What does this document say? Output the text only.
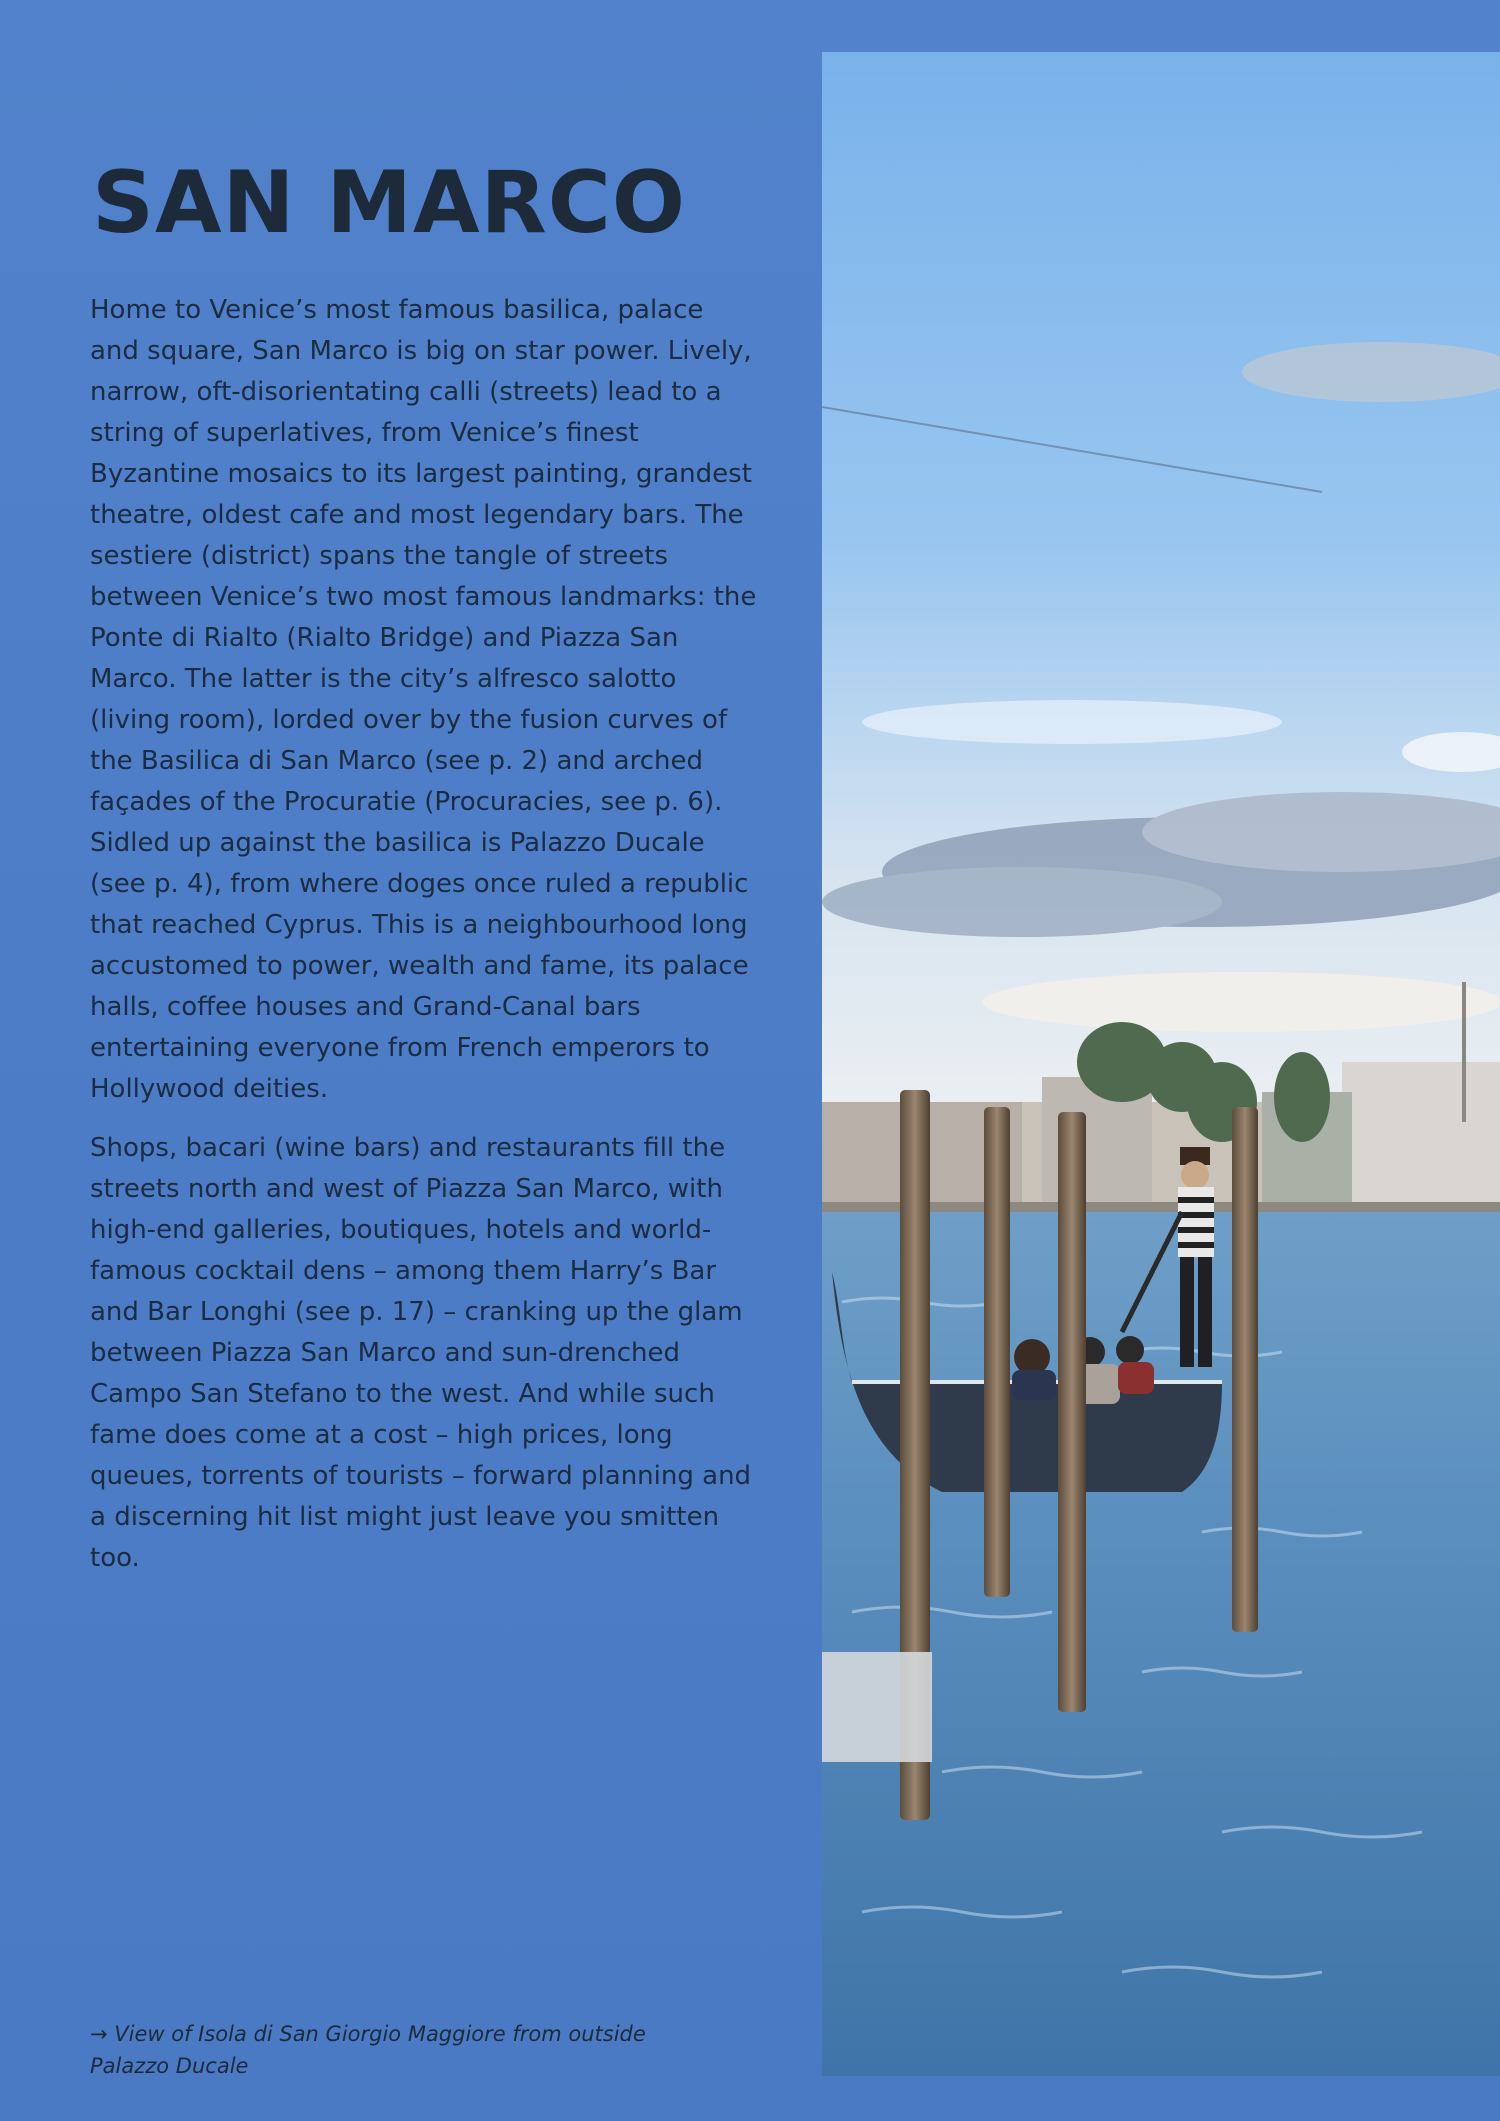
SAN MARCO

Home to Venice’s most famous basilica, palace and square, San Marco is big on star power. Lively, narrow, oft-disorientating calli (streets) lead to a string of superlatives, from Venice’s finest Byzantine mosaics to its largest painting, grandest theatre, oldest cafe and most legendary bars. The sestiere (district) spans the tangle of streets between Venice’s two most famous landmarks: the Ponte di Rialto (Rialto Bridge) and Piazza San Marco. The latter is the city’s alfresco salotto (living room), lorded over by the fusion curves of the Basilica di San Marco (see p. 2) and arched façades of the Procuratie (Procuracies, see p. 6). Sidled up against the basilica is Palazzo Ducale (see p. 4), from where doges once ruled a republic that reached Cyprus. This is a neighbourhood long accustomed to power, wealth and fame, its palace halls, coffee houses and Grand-Canal bars entertaining everyone from French emperors to Hollywood deities.

Shops, bacari (wine bars) and restaurants fill the streets north and west of Piazza San Marco, with high-end galleries, boutiques, hotels and world-famous cocktail dens – among them Harry’s Bar and Bar Longhi (see p. 17) – cranking up the glam between Piazza San Marco and sun-drenched Campo San Stefano to the west. And while such fame does come at a cost – high prices, long queues, torrents of tourists – forward planning and a discerning hit list might just leave you smitten too.

→ View of Isola di San Giorgio Maggiore from outside Palazzo Ducale
